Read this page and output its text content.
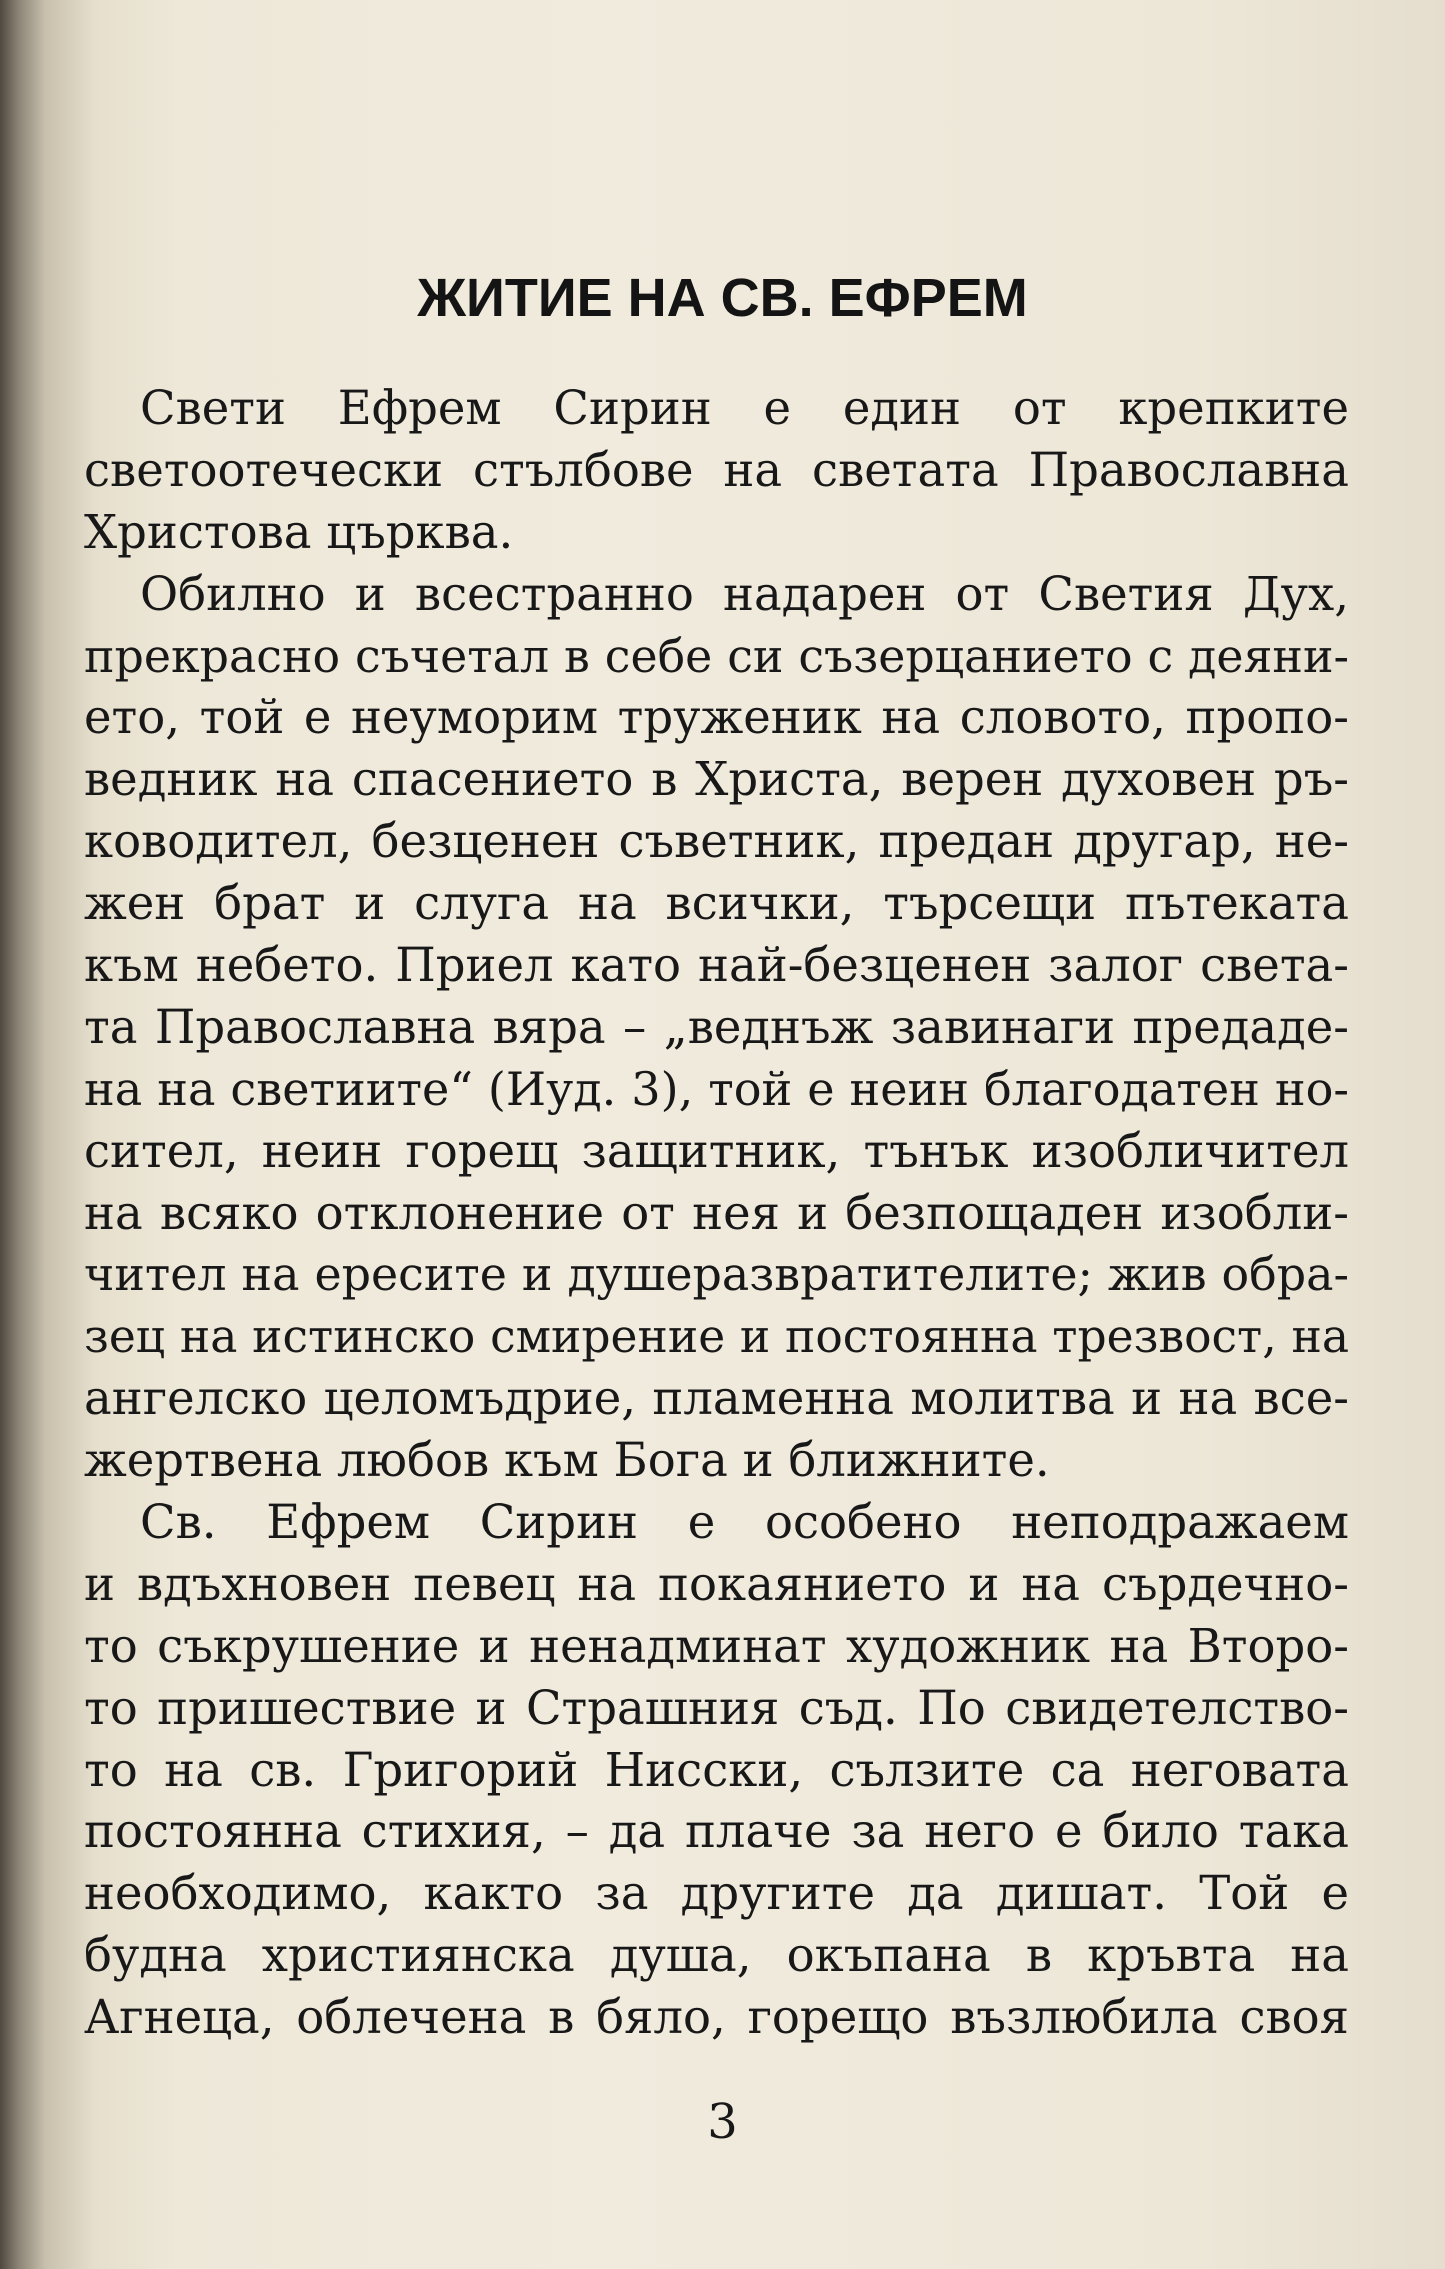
ЖИТИЕ НА СВ. ЕФРЕМ
Свети Ефрем Сирин е един от крепките
светоотечески стълбове на светата Православна
Христова църква.
Обилно и всестранно надарен от Светия Дух,
прекрасно съчетал в себе си съзерцанието с деяни-
ето, той е неуморим труженик на словото, пропо-
ведник на спасението в Христа, верен духовен ръ-
ководител, безценен съветник, предан другар, не-
жен брат и слуга на всички, търсещи пътеката
към небето. Приел като най-безценен залог света-
та Православна вяра – „веднъж завинаги предаде-
на на светиите“ (Иуд. 3), той е неин благодатен но-
сител, неин горещ защитник, тънък изобличител
на всяко отклонение от нея и безпощаден изобли-
чител на ересите и душеразвратителите; жив обра-
зец на истинско смирение и постоянна трезвост, на
ангелско целомъдрие, пламенна молитва и на все-
жертвена любов към Бога и ближните.
Св. Ефрем Сирин е особено неподражаем
и вдъхновен певец на покаянието и на сърдечно-
то съкрушение и ненадминат художник на Второ-
то пришествие и Страшния съд. По свидетелство-
то на св. Григорий Нисски, сълзите са неговата
постоянна стихия, – да плаче за него е било така
необходимо, както за другите да дишат. Той е
будна християнска душа, окъпана в кръвта на
Агнеца, облечена в бяло, горещо възлюбила своя
3
